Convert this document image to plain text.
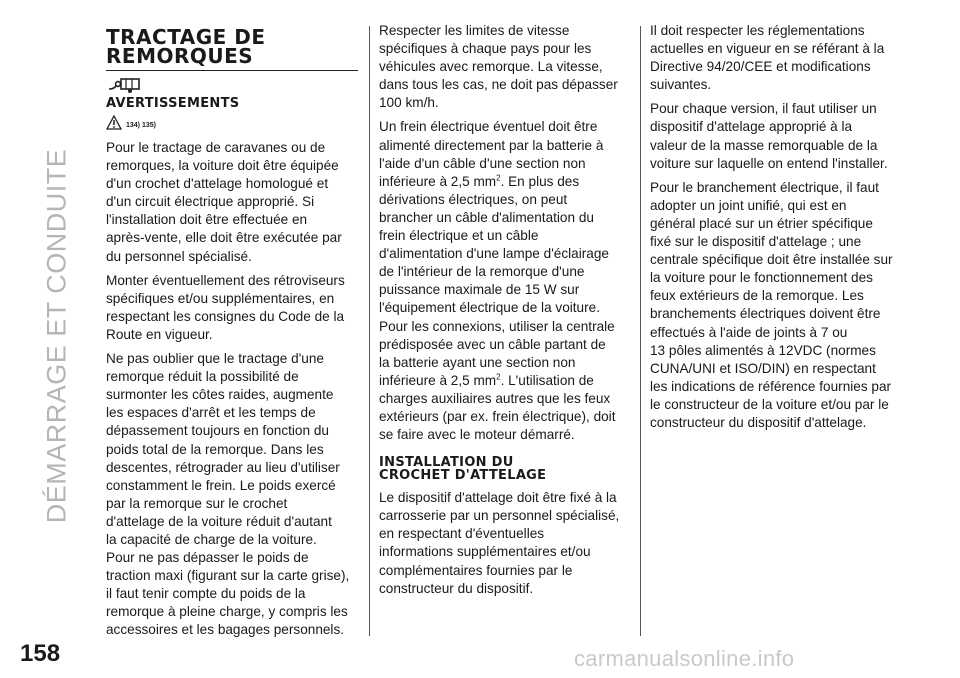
DÉMARRAGE ET CONDUITE
158
TRACTAGE DE
REMORQUES
AVERTISSEMENTS
134) 135)

Pour le tractage de caravanes ou de
remorques, la voiture doit être équipée
d'un crochet d'attelage homologué et
d'un circuit électrique approprié. Si
l'installation doit être effectuée en
après-vente, elle doit être exécutée par
du personnel spécialisé.

Monter éventuellement des rétroviseurs
spécifiques et/ou supplémentaires, en
respectant les consignes du Code de la
Route en vigueur.

Ne pas oublier que le tractage d'une
remorque réduit la possibilité de
surmonter les côtes raides, augmente
les espaces d'arrêt et les temps de
dépassement toujours en fonction du
poids total de la remorque. Dans les
descentes, rétrograder au lieu d'utiliser
constamment le frein. Le poids exercé
par la remorque sur le crochet
d'attelage de la voiture réduit d'autant
la capacité de charge de la voiture.
Pour ne pas dépasser le poids de
traction maxi (figurant sur la carte grise),
il faut tenir compte du poids de la
remorque à pleine charge, y compris les
accessoires et les bagages personnels.

Respecter les limites de vitesse
spécifiques à chaque pays pour les
véhicules avec remorque. La vitesse,
dans tous les cas, ne doit pas dépasser
100 km/h.

Un frein électrique éventuel doit être
alimenté directement par la batterie à
l'aide d'un câble d'une section non
inférieure à 2,5 $mm^2$. En plus des
dérivations électriques, on peut
brancher un câble d'alimentation du
frein électrique et un câble
d'alimentation d'une lampe d'éclairage
de l'intérieur de la remorque d'une
puissance maximale de 15 W sur
l'équipement électrique de la voiture.
Pour les connexions, utiliser la centrale
prédisposée avec un câble partant de
la batterie ayant une section non
inférieure à 2,5 $mm^2$. L'utilisation de
charges auxiliaires autres que les feux
extérieurs (par ex. frein électrique), doit
se faire avec le moteur démarré.

INSTALLATION DU
CROCHET D'ATTELAGE

Le dispositif d'attelage doit être fixé à la
carrosserie par un personnel spécialisé,
en respectant d'éventuelles
informations supplémentaires et/ou
complémentaires fournies par le
constructeur du dispositif.

Il doit respecter les réglementations
actuelles en vigueur en se référant à la
Directive 94/20/CEE et modifications
suivantes.

Pour chaque version, il faut utiliser un
dispositif d'attelage approprié à la
valeur de la masse remorquable de la
voiture sur laquelle on entend l'installer.

Pour le branchement électrique, il faut
adopter un joint unifié, qui est en
général placé sur un étrier spécifique
fixé sur le dispositif d'attelage ; une
centrale spécifique doit être installée sur
la voiture pour le fonctionnement des
feux extérieurs de la remorque. Les
branchements électriques doivent être
effectués à l'aide de joints à 7 ou
13 pôles alimentés à 12VDC (normes
CUNA/UNI et ISO/DIN) en respectant
les indications de référence fournies par
le constructeur de la voiture et/ou par le
constructeur du dispositif d'attelage.

carmanualsonline.info
